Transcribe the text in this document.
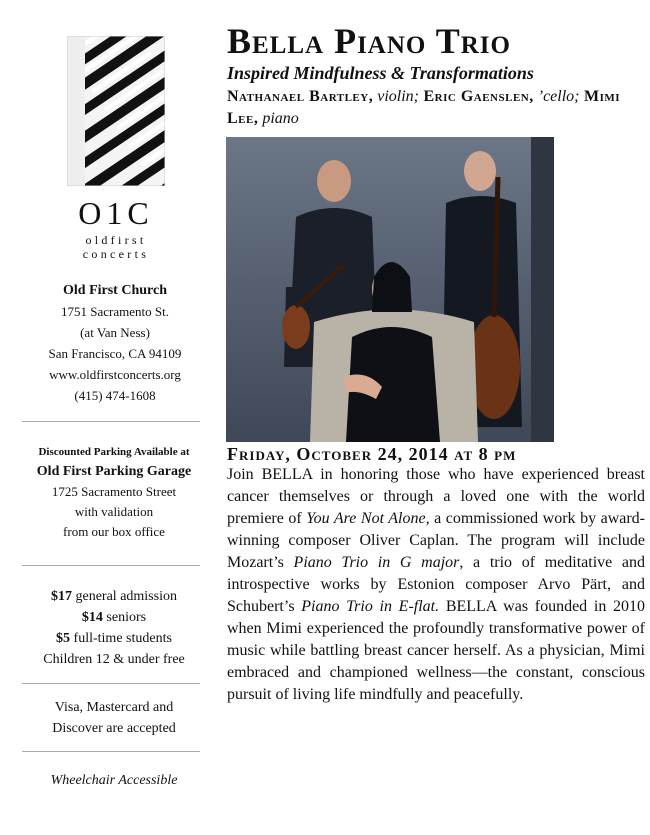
O1C
oldfirst
concerts
Old First Church
1751 Sacramento St.
(at Van Ness)
San Francisco, CA 94109
www.oldfirstconcerts.org
(415) 474-1608
Discounted Parking Available at
Old First Parking Garage
1725 Sacramento Street
with validation
from our box office
$17 general admission
$14 seniors
$5 full-time students
Children 12 & under free
Visa, Mastercard and
Discover are accepted
Wheelchair Accessible
Bella Piano Trio
Inspired Mindfulness & Transformations
Nathanael Bartley, violin; Eric Gaenslen, ’cello; Mimi Lee, piano
Friday, October 24, 2014 at 8 pm
Join BELLA in honoring those who have experienced breast cancer themselves or through a loved one with the world premiere of You Are Not Alone, a commissioned work by award-winning composer Oliver Caplan. The program will include Mozart’s Piano Trio in G major, a trio of meditative and introspective works by Estonion composer Arvo Pärt, and Schubert’s Piano Trio in E-flat. BELLA was founded in 2010 when Mimi experienced the profoundly transformative power of music while battling breast cancer herself. As a physician, Mimi embraced and championed wellness—the constant, conscious pursuit of living life mindfully and peacefully.
